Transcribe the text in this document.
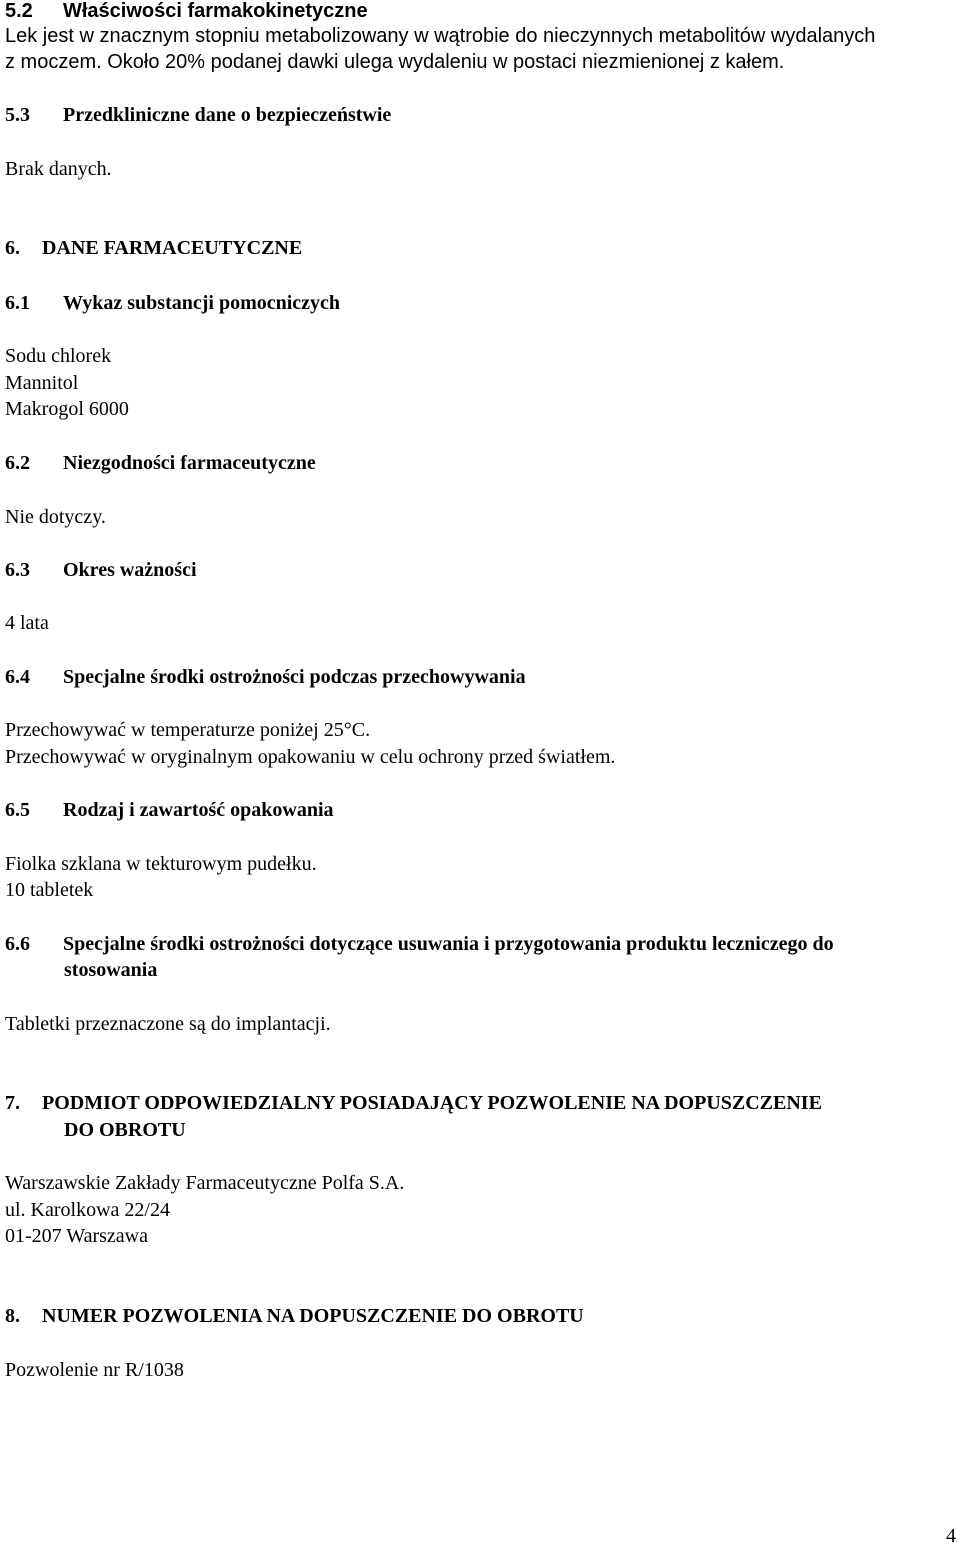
5.2 Właściwości farmakokinetyczne
Lek jest w znacznym stopniu metabolizowany w wątrobie do nieczynnych metabolitów wydalanych
z moczem. Około 20% podanej dawki ulega wydaleniu w postaci niezmienionej z kałem.
5.3 Przedkliniczne dane o bezpieczeństwie
Brak danych.
6. DANE FARMACEUTYCZNE
6.1 Wykaz substancji pomocniczych
Sodu chlorek
Mannitol
Makrogol 6000
6.2 Niezgodności farmaceutyczne
Nie dotyczy.
6.3 Okres ważności
4 lata
6.4 Specjalne środki ostrożności podczas przechowywania
Przechowywać w temperaturze poniżej 25°C.
Przechowywać w oryginalnym opakowaniu w celu ochrony przed światłem.
6.5 Rodzaj i zawartość opakowania
Fiolka szklana w tekturowym pudełku.
10 tabletek
6.6 Specjalne środki ostrożności dotyczące usuwania i przygotowania produktu leczniczego do
stosowania
Tabletki przeznaczone są do implantacji.
7. PODMIOT ODPOWIEDZIALNY POSIADAJĄCY POZWOLENIE NA DOPUSZCZENIE
DO OBROTU
Warszawskie Zakłady Farmaceutyczne Polfa S.A.
ul. Karolkowa 22/24
01-207 Warszawa
8. NUMER POZWOLENIA NA DOPUSZCZENIE DO OBROTU
Pozwolenie nr R/1038
4
